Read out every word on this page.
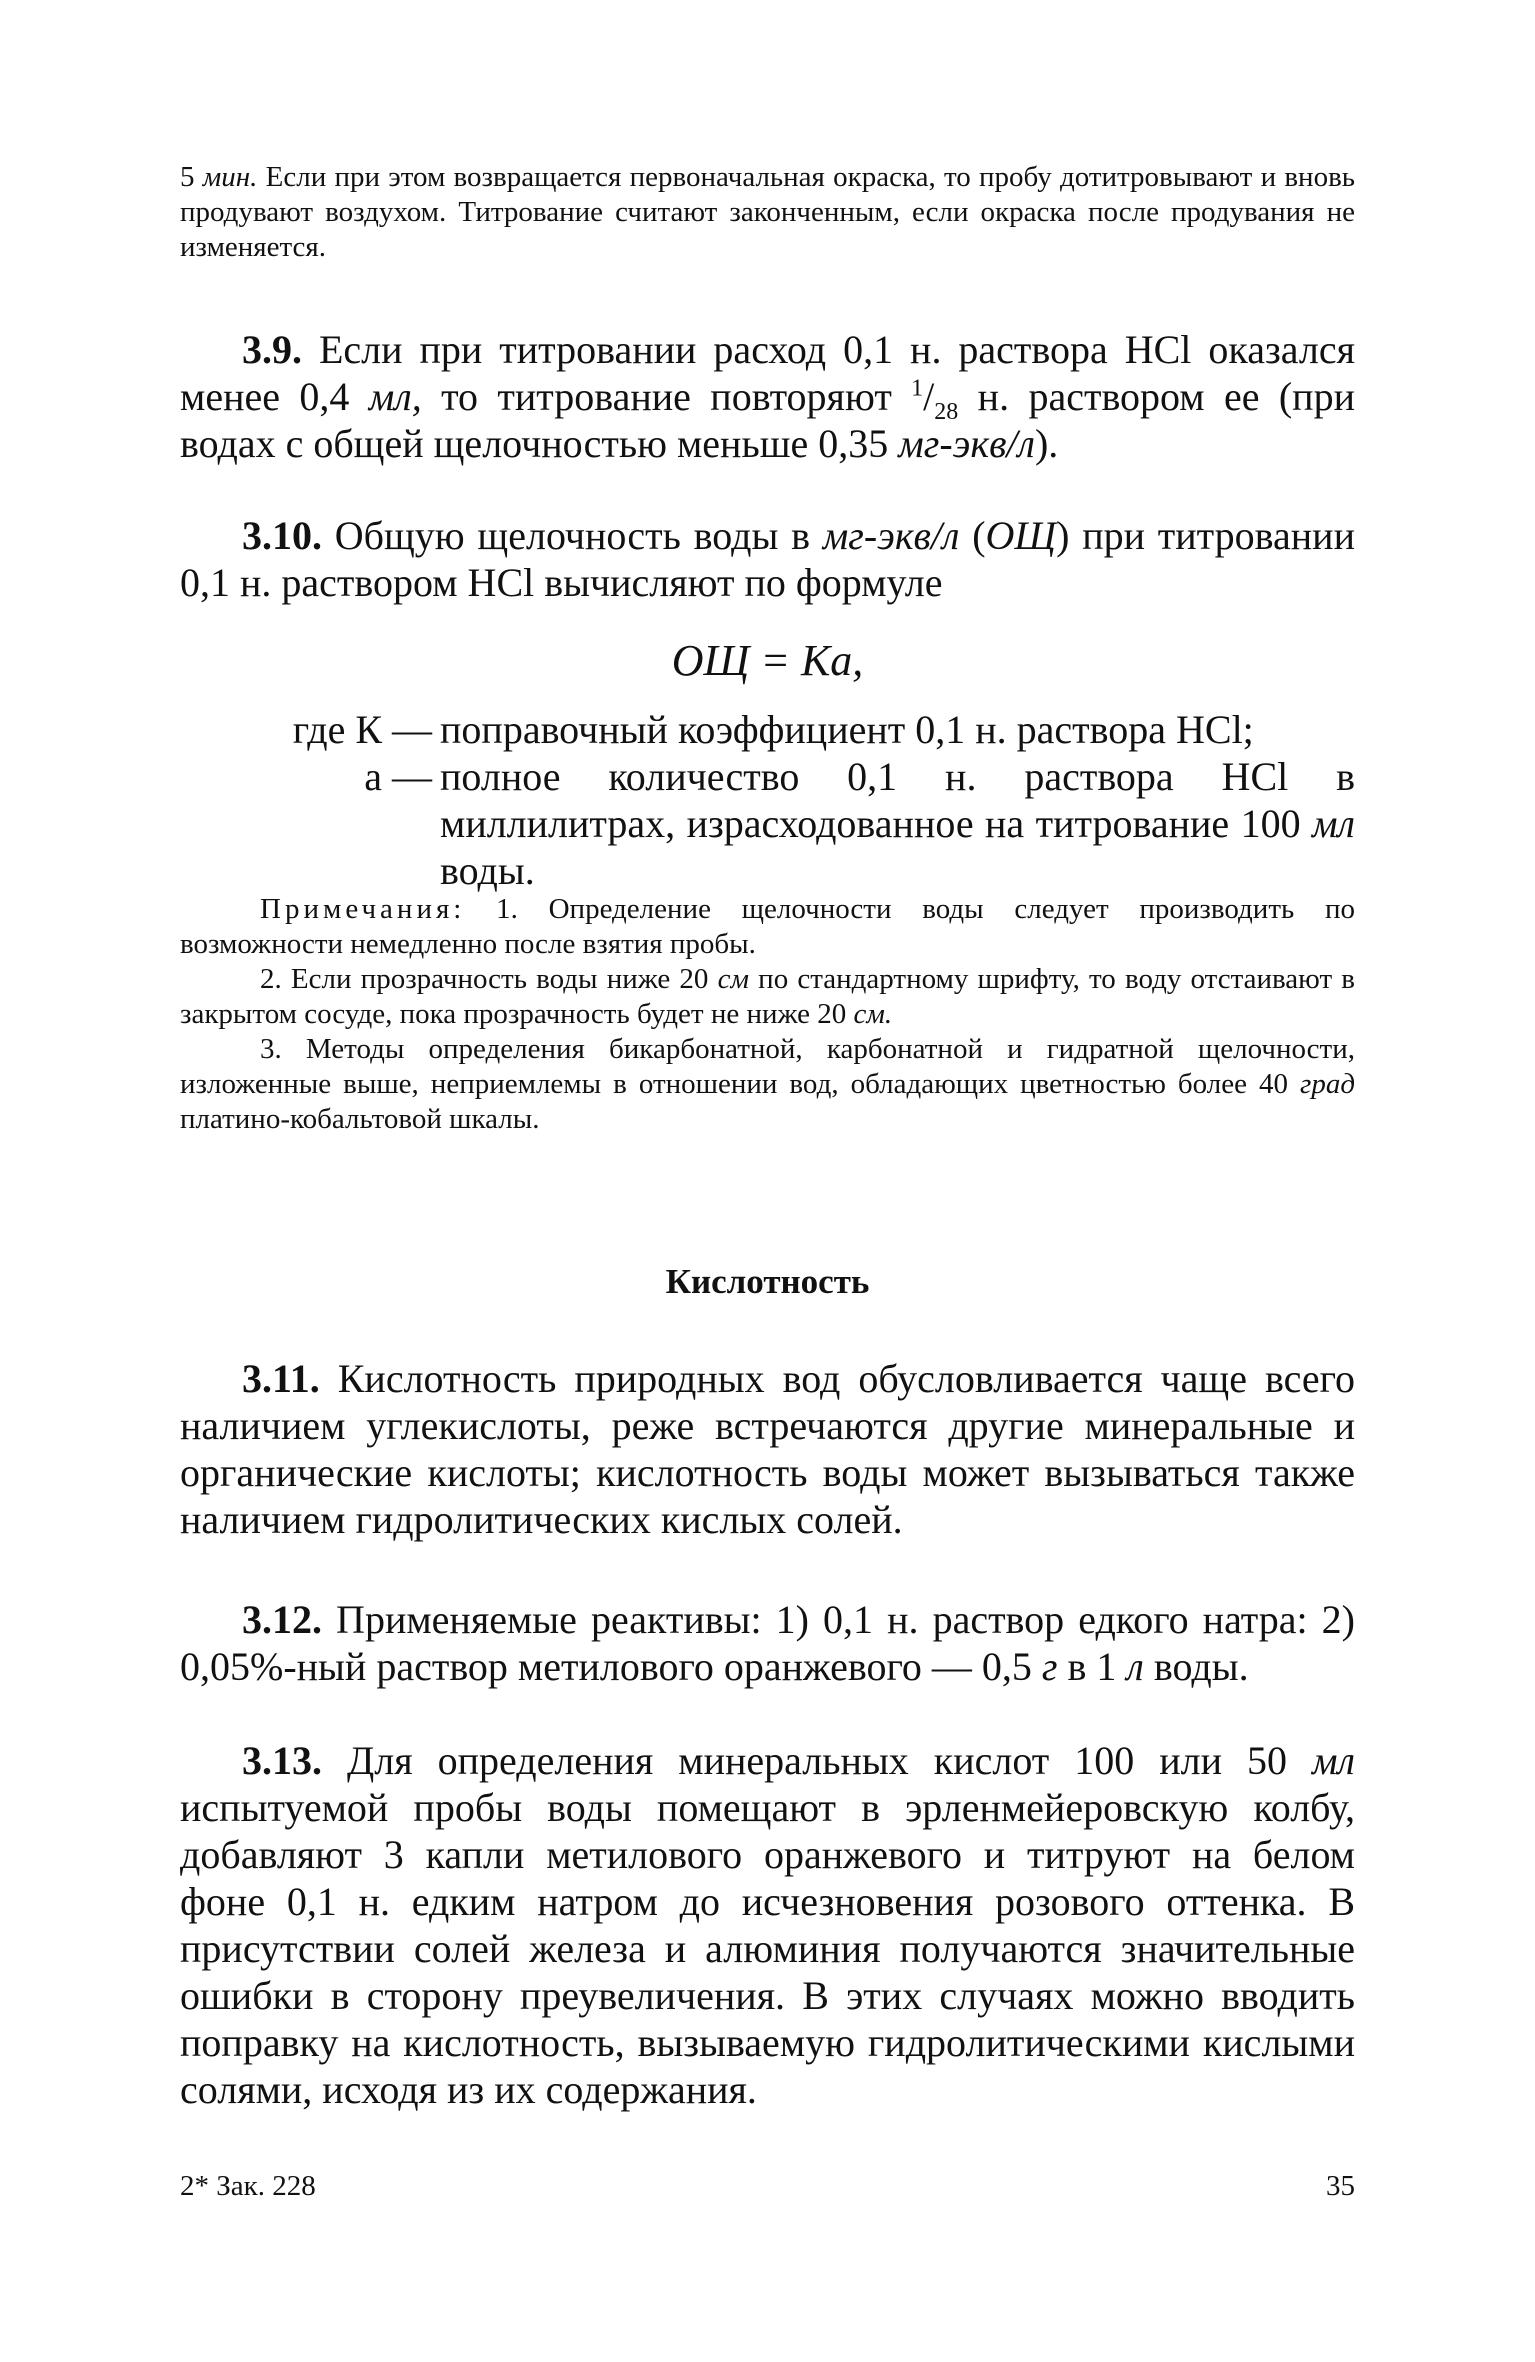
5 мин. Если при этом возвращается первоначальная окраска, то пробу дотитровывают и вновь продувают воздухом. Титрование считают законченным, если окраска после продувания не изменяется.

3.9. Если при титровании расход 0,1 н. раствора HCl оказался менее 0,4 мл, то титрование повторяют $^1/_{28}$ н. раствором ее (при водах с общей щелочностью меньше 0,35 мг-экв/л).

3.10. Общую щелочность воды в мг-экв/л (ОЩ) при титровании 0,1 н. раствором HCl вычисляют по формуле

ОЩ = Ка,
где К — поправочный коэффициент 0,1 н. раствора HCl;
а — полное количество 0,1 н. раствора HCl в миллилитрах, израсходованное на титрование 100 мл воды.

Примечания: 1. Определение щелочности воды следует производить по возможности немедленно после взятия пробы.

2. Если прозрачность воды ниже 20 см по стандартному шрифту, то воду отстаивают в закрытом сосуде, пока прозрачность будет не ниже 20 см.

3. Методы определения бикарбонатной, карбонатной и гидратной щелочности, изложенные выше, неприемлемы в отношении вод, обладающих цветностью более 40 град платино-кобальтовой шкалы.

Кислотность

3.11. Кислотность природных вод обусловливается чаще всего наличием углекислоты, реже встречаются другие минеральные и органические кислоты; кислотность воды может вызываться также наличием гидролитических кислых солей.

3.12. Применяемые реактивы: 1) 0,1 н. раствор едкого натра: 2) 0,05%-ный раствор метилового оранжевого — 0,5 г в 1 л воды.

3.13. Для определения минеральных кислот 100 или 50 мл испытуемой пробы воды помещают в эрленмейеровскую колбу, добавляют 3 капли метилового оранжевого и титруют на белом фоне 0,1 н. едким натром до исчезновения розового оттенка. В присутствии солей железа и алюминия получаются значительные ошибки в сторону преувеличения. В этих случаях можно вводить поправку на кислотность, вызываемую гидролитическими кислыми солями, исходя из их содержания.

2* Зак. 228	35
